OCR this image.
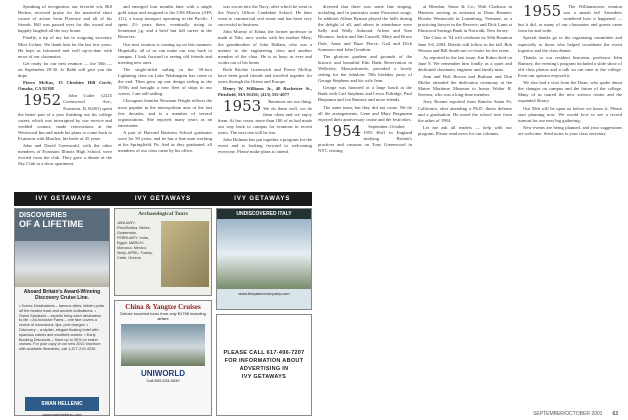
Speaking of recognition, our favorite wit, Bill Becker, received praise for his masterful short course of action from Florence and all of his friends. Bill was passed over for this award and happily laughed all the way home.

Finally, a tip of my hat to outgoing secretary Mort Lichter. We thank him for the last few years. He kept us informed and well up-to-date with news of our classmates.

Get ready for our next reunion — the 50th — on September 28-30. Jo Babb will give you the dope.

Pierce McKay, 15 Cheshire Hill Circle, Omaha, CA 92108

1952 John Cutler (2225 Greenwood Ave., Evanston, IL 60201) spent the better part of a year finishing out his college career, which was interrupted by war service and wedded contact, made reservations at the Westwood Inn and made his plans to come back to Evanston with Marilyn, his bride of 45 years.

John and David Greenwald, with the other members of Evanston Illinois High School, were evicted from the club. They gave a dinner at the Sky Club in a short apartment.

and emerged four months later with a single gold stripe and assigned to the USS Mizzou (APA 211), a troop transport operating in the Pacific. I spent 2½ years there, eventually rising to lieutenant j.g. and a brief but full career in the Reserves.

Our next reunion is coming up on this summer. Hopefully, all of us can make our way back to campus. I look forward to seeing old friends and meeting new ones.

The single-titled sailing in the 50-foot Lightning class on Lake Washington has come to the end. Then grew up one design sailing in the 1950s and brought a new fleet of ships to our waters. I am still sailing.

Chicagoan Jennifer Newman Wright reflects the most popular in the metropolitan area of the last few decades, and is a member of several organizations. She enjoyed many years as an entertainer.

A pair of Harvard Business School graduates were for 50 years, and he has a fine man working at his Springfield, Pa. And as they graduated, all members of our class came by his office.

was sworn into the Navy, after which he went to the Navy's Officer Candidate School. He later went to commercial real estate and has been very successful in business.

John Murray of Edina, the former professor in math at Yale, now works with his mother Mary, the grandmother of John Hallam, who was a mentor to the engineering class and another member of the class. He is as busy as ever and works out of his home.

Both Ritchie Greenwich and Pierce McKay have been good friends and traveled together for years through the Orient and Europe.

Henry W. Williams Jr., 40 Rochester St., Pittsfield, MA 01201; (413) 555-4077

1953 Reunions are our thing. We do them well, we do them often and we enjoy them. At last count, more than 180 of us had made our way back to campus for reunions in recent years. The next one will be fun.

John Holman has put together a program for the event and is looking forward to welcoming everyone. Please make plans to attend.

diverted that there was some fine singing, including and in particular some Princeton songs. In addition Allene Ryman played the bells during the delight of all, and others in attendance were Sally and Wally Aubroad, Arlene and Tom Bloomer, Jackie and Jim Caswell, Mary and Bruce Dale, Anne and Buzz Pierce, Gail and Dick Sommers and John Gendron.

The glorious gardens and grounds of the historic and beautiful Elm Bank Reservation in Wellesley, Massachusetts, provided a lovely setting for the fabulous 70th birthday party of George Stephens and his wife Jean.

George was honored at a large lunch at the Bank with Carl Stephens and Lewis Eldridge, Paul Benjamin and Joe Ramsey and more friends.

The same team, but they did not come. We do all the arrangements. Gene and Mary Bergmann enjoyed their anniversary cruise and the festivities.

1954 September–October 1955 Hoff in England studying Britain's practices and customs on Tony Greenwood in NYC visiting

at Bleadon, Stone & Co.; Walt Clarkson in Hanover serving as assistant to Dean Bennett; Brooks Wentworth in Lunenburg, Vermont, as a practicing lawyer in the Reserve; and Dick Lunn at Elmwood Savings Bank in Norwalk, New Jersey.

The Class of '54 will celebrate its 50th Reunion June 3-6, 2004. Details will follow in the fall. Bob Weston and Bill Smith are co-chairs for the event.

As reported in the last issue, Jim Kabot died on June 8. We remember him fondly as a quiet and dedicated classmate, engineer and family man.

Jean and Bob Brown and Barbara and Don Moller attended the dedication ceremony at the Maine Maritime Museum to honor Walter R. Stevens, who was a long-time member.

Jerry Roome reported from Rancho Santa Fe, California, after attending a Ph.D. thesis defense and a graduation. He noted the school rose from the ashes of 1984.

Let me ask all readers — help with our program. Please send news for our columns.

1955 The Williamstown reunion was a smash hit! Attendees wondered how it happened — but it did, as many of our classmates and guests came from far and wide.

Special thanks go to the organizing committee and especially to those who helped coordinate the event logistics and the class dinner.

Thanks to our resident historian, professor John Ramsey, the evening's program included a slide show of old class photos and a talk on our time at the college. Even our spouses enjoyed it.

We also had a visit from the Dean, who spoke about the changes on campus and the future of the college. Many of us toured the new science center and the expanded library.

Our 50th will be upon us before we know it. Please start planning now. We would love to see a record turnout for our next big gathering.

New events are being planned, and your suggestions are welcome. Send notes to your class secretary.

IVY GETAWAYS	IVY GETAWAYS	IVY GETAWAYS
DISCOVERIES
OF A LIFETIME
Aboard Britain's Award-Winning Discovery Cruise Line.
• Scenic Destinations – famous cities, hidden ports off the beaten track and ancient civilizations. • Guest Speakers – experts bring each destination to life. • All-Inclusive Fares – one fare covers a choice of excursions, tips, port charges. • Discovery – a stylish, elegant floating hotel with spacious cabins and excellent cuisine. • Early Booking Discounts – Save up to 30% on select cruises. For your copy of our new 2002 brochure with available itineraries, call 1-877-219-4239.
SWAN HELLENIC
www.swanhellenic.com
Archaeological Tours
JANUARY: Peru/Bolivia, Belize, Guatemala. FEBRUARY: India, Egypt. MARCH: Morocco, Mexico, Sicily. APRIL: Turkey, Crete, Greece.
China & Yangtze Cruises
Deluxe escorted tours from only $1798 including airfare
UNIWORLD
Call 800-633-5639
UNDISCOVERED ITALY
www.theparkercompany.com
PLEASE CALL 617-496-7207
FOR INFORMATION ABOUT
ADVERTISING IN
IVY GETAWAYS
SEPTEMBER/OCTOBER 2001 63
